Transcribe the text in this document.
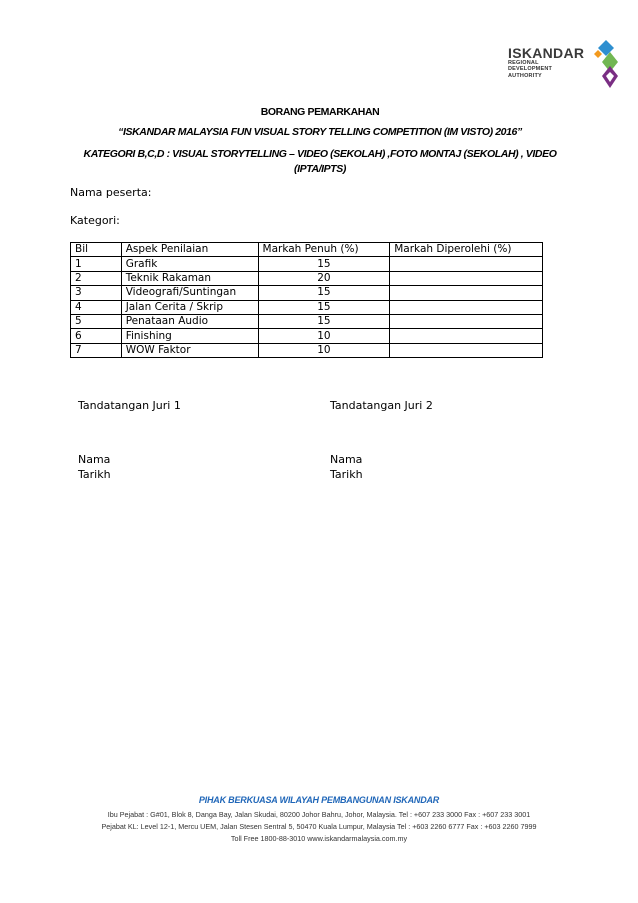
ISKANDAR
REGIONAL
DEVELOPMENT
AUTHORITY
BORANG PEMARKAHAN
“ISKANDAR MALAYSIA FUN VISUAL STORY TELLING COMPETITION (IM VISTO) 2016”
KATEGORI B,C,D : VISUAL STORYTELLING – VIDEO (SEKOLAH) ,FOTO MONTAJ (SEKOLAH) , VIDEO (IPTA/IPTS)
Nama peserta:
Kategori:
Bil	Aspek Penilaian	Markah Penuh (%)	Markah Diperolehi (%)
1	Grafik	15	
2	Teknik Rakaman	20	
3	Videografi/Suntingan	15	
4	Jalan Cerita / Skrip	15	
5	Penataan Audio	15	
6	Finishing	10	
7	WOW Faktor	10	
Tandatangan Juri 1	Tandatangan Juri 2
Nama
Tarikh
Nama
Tarikh
PIHAK BERKUASA WILAYAH PEMBANGUNAN ISKANDAR
Ibu Pejabat : G#01, Blok 8, Danga Bay, Jalan Skudai, 80200 Johor Bahru, Johor, Malaysia. Tel : +607 233 3000 Fax : +607 233 3001
Pejabat KL: Level 12-1, Mercu UEM, Jalan Stesen Sentral 5, 50470 Kuala Lumpur, Malaysia Tel : +603 2260 6777 Fax : +603 2260 7999
Toll Free 1800-88-3010 www.iskandarmalaysia.com.my
